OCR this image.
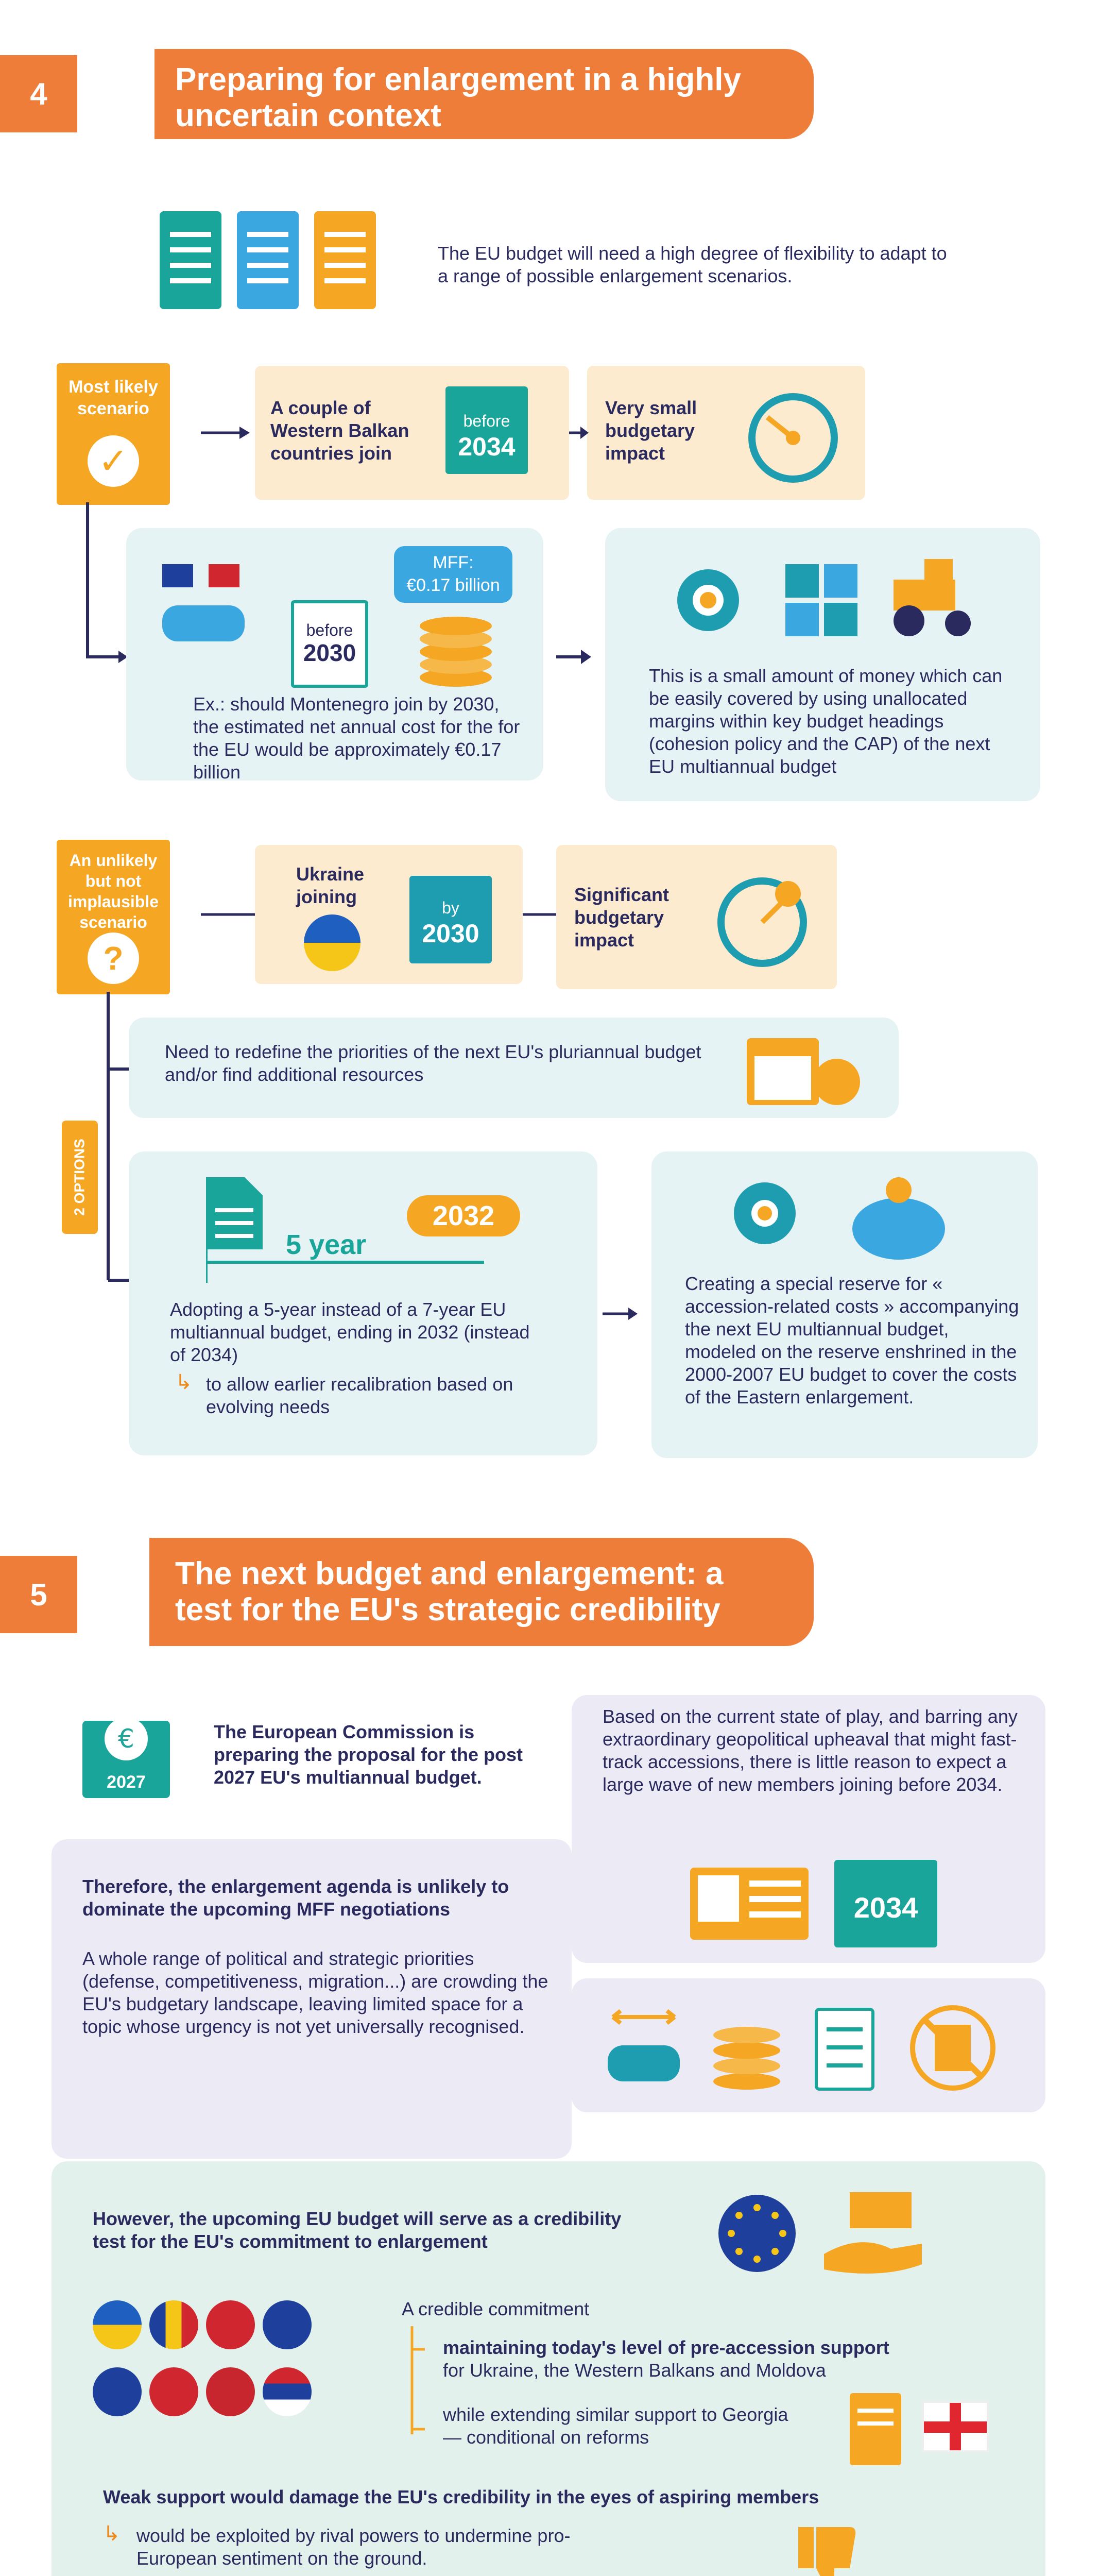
4	Preparing for enlargement in a highly uncertain context
The EU budget will need a high degree of flexibility to adapt to a range of possible enlargement scenarios.
Most likely scenario
✓
A couple of Western Balkan countries join
before
2034
Very small budgetary impact
before
2030
MFF:
€0.17 billion
Ex.: should Montenegro join by 2030, the estimated net annual cost for the for the EU would be approximately €0.17 billion
This is a small amount of money which can be easily covered by using unallocated margins within key budget headings (cohesion policy and the CAP) of the next EU multiannual budget
An unlikely but not implausible scenario
?
Ukraine joining
by
2030
Significant budgetary impact
2 OPTIONS
Need to redefine the priorities of the next EU's pluriannual budget and/or find additional resources
2032
5 year
Adopting a 5-year instead of a 7-year EU multiannual budget, ending in 2032 (instead of 2034)
↳ to allow earlier recalibration based on evolving needs
Creating a special reserve for « accession-related costs » accompanying the next EU multiannual budget, modeled on the reserve enshrined in the 2000-2007 EU budget to cover the costs of the Eastern enlargement.
5
The next budget and enlargement: a test for the EU's strategic credibility
€
2027
The European Commission is preparing the proposal for the post 2027 EU's multiannual budget.
Based on the current state of play, and barring any extraordinary geopolitical upheaval that might fast-track accessions, there is little reason to expect a large wave of new members joining before 2034.
2034
Therefore, the enlargement agenda is unlikely to dominate the upcoming MFF negotiations
A whole range of political and strategic priorities (defense, competitiveness, migration...) are crowding the EU's budgetary landscape, leaving limited space for a topic whose urgency is not yet universally recognised.
However, the upcoming EU budget will serve as a credibility test for the EU's commitment to enlargement
A credible commitment
maintaining today's level of pre-accession support
for Ukraine, the Western Balkans and Moldova
while extending similar support to Georgia — conditional on reforms
Weak support would damage the EU's credibility in the eyes of aspiring members
↳ would be exploited by rival powers to undermine pro-European sentiment on the ground.
